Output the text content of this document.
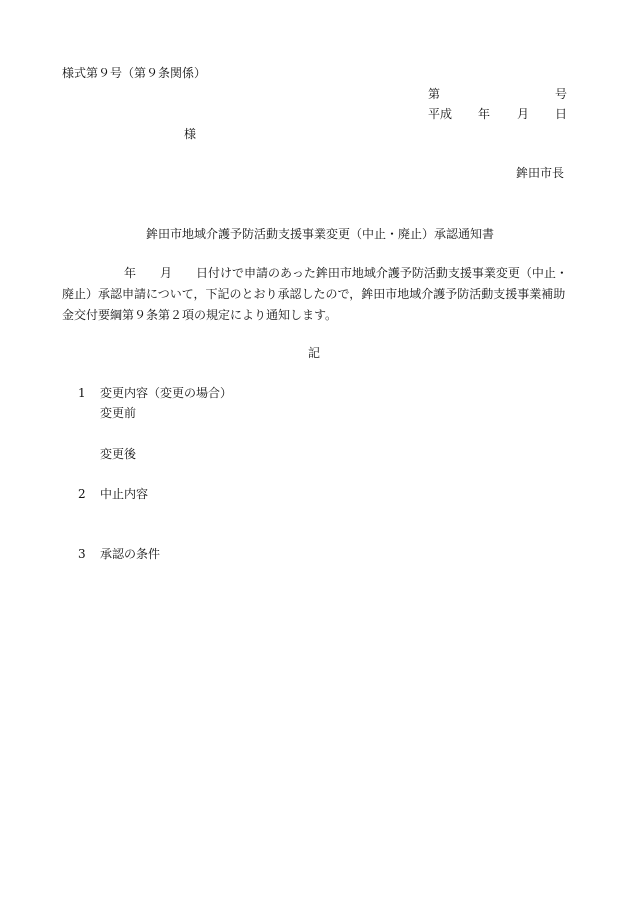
様式第９号（第９条関係）
第	号
平成 年 月 日
様
鉾田市長
鉾田市地域介護予防活動支援事業変更（中止・廃止）承認通知書
年 月 日付けで申請のあった鉾田市地域介護予防活動支援事業変更（中止・廃止）承認申請について，下記のとおり承認したので，鉾田市地域介護予防活動支援事業補助金交付要綱第９条第２項の規定により通知します。
記
1 変更内容（変更の場合）
変更前
変更後
2 中止内容
3 承認の条件
